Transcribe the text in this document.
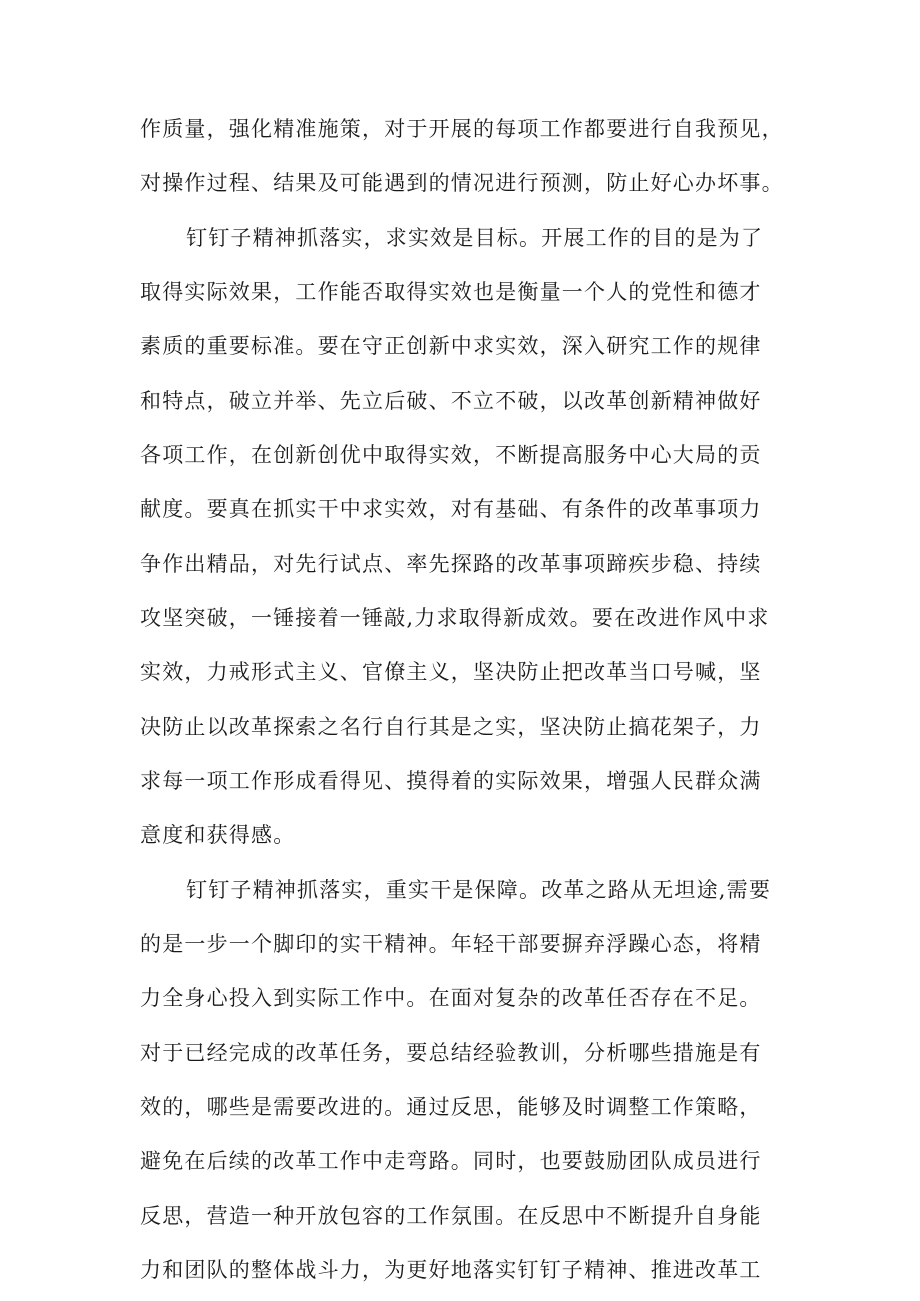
作质量，强化精准施策，对于开展的每项工作都要进行自我预见，
对操作过程、结果及可能遇到的情况进行预测，防止好心办坏事。
钉钉子精神抓落实，求实效是目标。开展工作的目的是为了
取得实际效果，工作能否取得实效也是衡量一个人的党性和德才
素质的重要标准。要在守正创新中求实效，深入研究工作的规律
和特点，破立并举、先立后破、不立不破，以改革创新精神做好
各项工作，在创新创优中取得实效，不断提高服务中心大局的贡
献度。要真在抓实干中求实效，对有基础、有条件的改革事项力
争作出精品，对先行试点、率先探路的改革事项蹄疾步稳、持续
攻坚突破，一锤接着一锤敲,力求取得新成效。要在改进作风中求
实效，力戒形式主义、官僚主义，坚决防止把改革当口号喊，坚
决防止以改革探索之名行自行其是之实，坚决防止搞花架子，力
求每一项工作形成看得见、摸得着的实际效果，增强人民群众满
意度和获得感。
钉钉子精神抓落实，重实干是保障。改革之路从无坦途,需要
的是一步一个脚印的实干精神。年轻干部要摒弃浮躁心态，将精
力全身心投入到实际工作中。在面对复杂的改革任否存在不足。
对于已经完成的改革任务，要总结经验教训，分析哪些措施是有
效的，哪些是需要改进的。通过反思，能够及时调整工作策略，
避免在后续的改革工作中走弯路。同时，也要鼓励团队成员进行
反思，营造一种开放包容的工作氛围。在反思中不断提升自身能
力和团队的整体战斗力，为更好地落实钉钉子精神、推进改革工
